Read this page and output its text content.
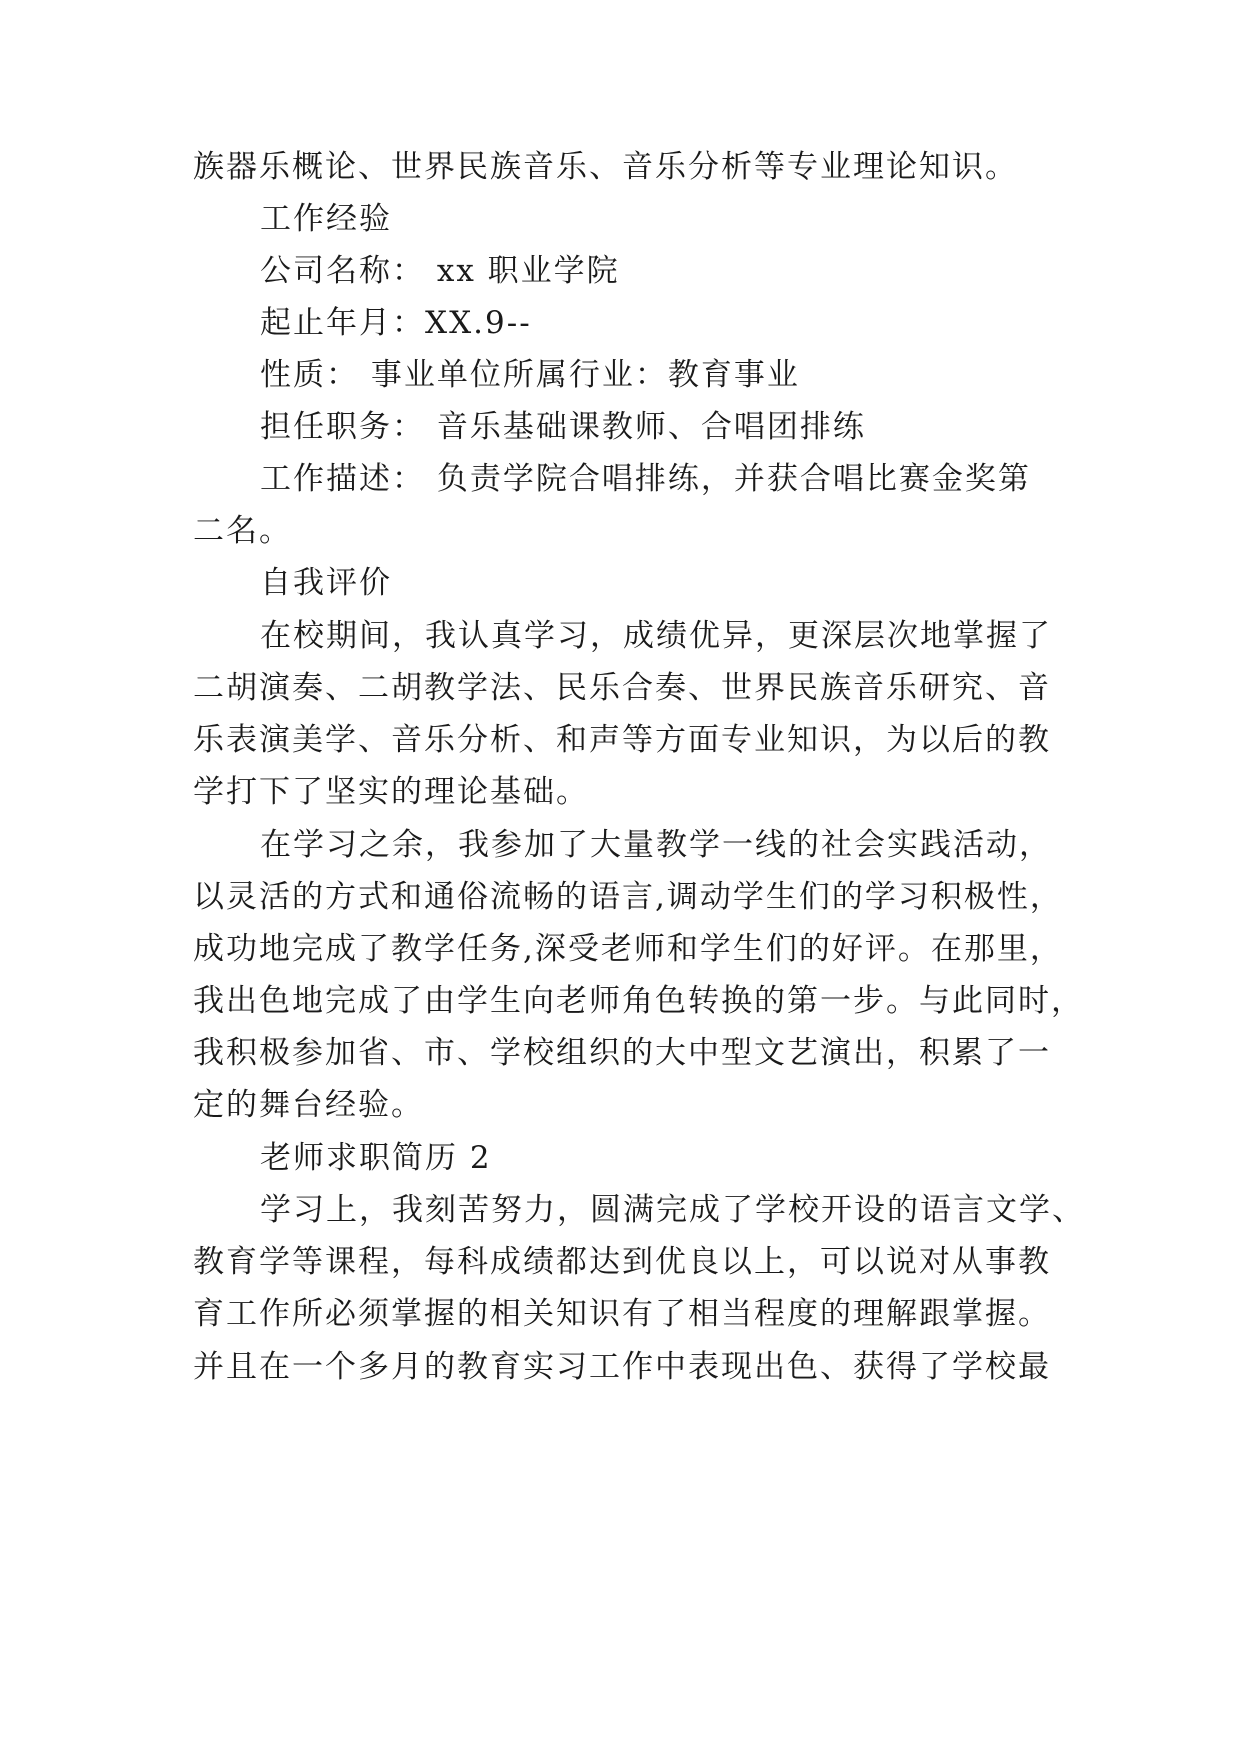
族器乐概论、世界民族音乐、音乐分析等专业理论知识。
工作经验
公司名称： xx 职业学院
起止年月：XX.9--
性质： 事业单位所属行业：教育事业
担任职务： 音乐基础课教师、合唱团排练
工作描述： 负责学院合唱排练，并获合唱比赛金奖第
二名。
自我评价
在校期间，我认真学习，成绩优异，更深层次地掌握了
二胡演奏、二胡教学法、民乐合奏、世界民族音乐研究、音
乐表演美学、音乐分析、和声等方面专业知识，为以后的教
学打下了坚实的理论基础。
在学习之余，我参加了大量教学一线的社会实践活动，
以灵活的方式和通俗流畅的语言,调动学生们的学习积极性，
成功地完成了教学任务,深受老师和学生们的好评。在那里，
我出色地完成了由学生向老师角色转换的第一步。与此同时，
我积极参加省、市、学校组织的大中型文艺演出，积累了一
定的舞台经验。
老师求职简历 2
学习上，我刻苦努力，圆满完成了学校开设的语言文学、
教育学等课程，每科成绩都达到优良以上，可以说对从事教
育工作所必须掌握的相关知识有了相当程度的理解跟掌握。
并且在一个多月的教育实习工作中表现出色、获得了学校最
